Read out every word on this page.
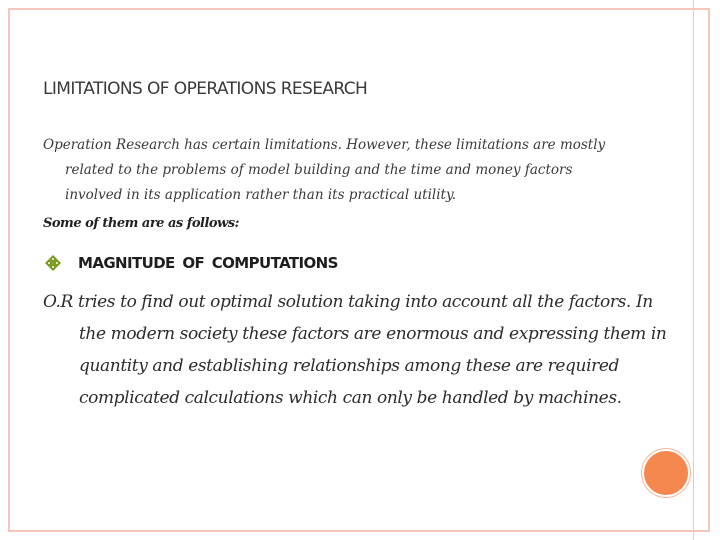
LIMITATIONS OF OPERATIONS RESEARCH

Operation Research has certain limitations. However, these limitations are mostly related to the problems of model building and the time and money factors involved in its application rather than its practical utility.

Some of them are as follows:

MAGNITUDE OF COMPUTATIONS

O.R tries to find out optimal solution taking into account all the factors. In the modern society these factors are enormous and expressing them in quantity and establishing relationships among these are required complicated calculations which can only be handled by machines.
